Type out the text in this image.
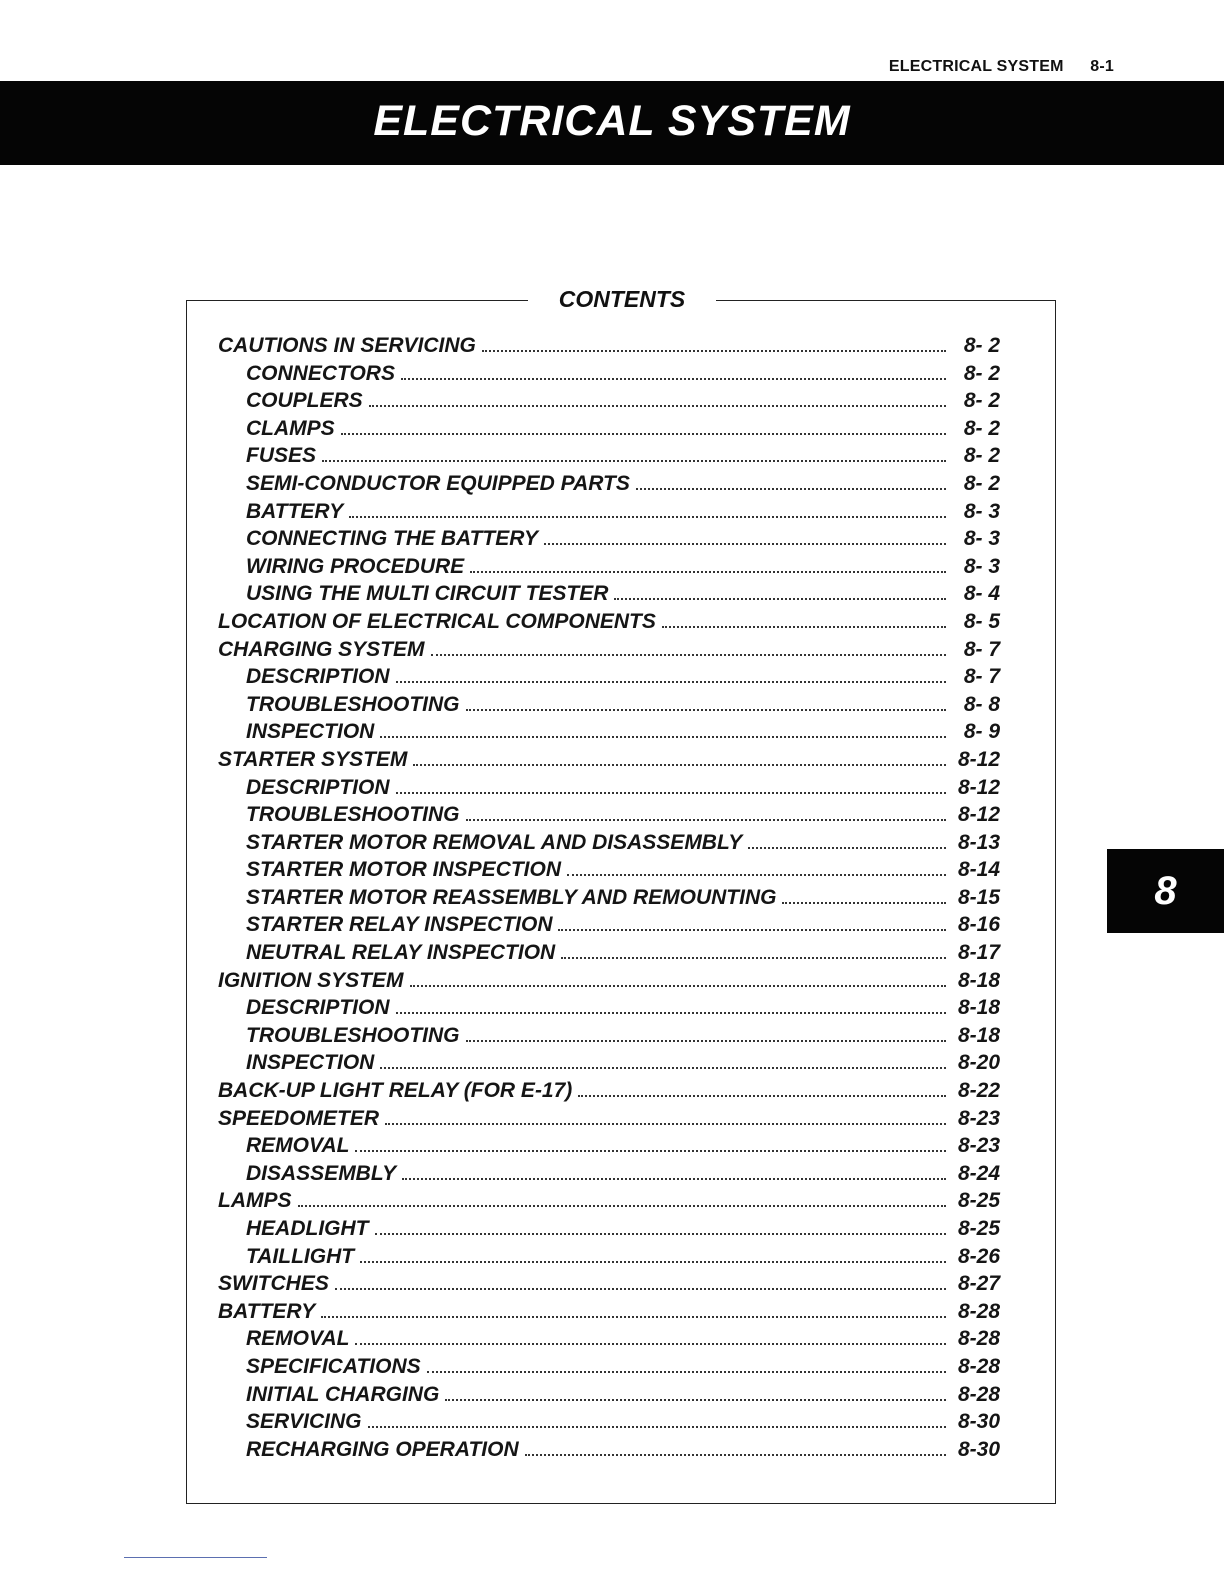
ELECTRICAL SYSTEM 8-1
ELECTRICAL SYSTEM
CONTENTS
CAUTIONS IN SERVICING	8- 2
CONNECTORS	8- 2
COUPLERS	8- 2
CLAMPS	8- 2
FUSES	8- 2
SEMI-CONDUCTOR EQUIPPED PARTS	8- 2
BATTERY	8- 3
CONNECTING THE BATTERY	8- 3
WIRING PROCEDURE	8- 3
USING THE MULTI CIRCUIT TESTER	8- 4
LOCATION OF ELECTRICAL COMPONENTS	8- 5
CHARGING SYSTEM	8- 7
DESCRIPTION	8- 7
TROUBLESHOOTING	8- 8
INSPECTION	8- 9
STARTER SYSTEM	8-12
DESCRIPTION	8-12
TROUBLESHOOTING	8-12
STARTER MOTOR REMOVAL AND DISASSEMBLY	8-13
STARTER MOTOR INSPECTION	8-14
STARTER MOTOR REASSEMBLY AND REMOUNTING	8-15
STARTER RELAY INSPECTION	8-16
NEUTRAL RELAY INSPECTION	8-17
IGNITION SYSTEM	8-18
DESCRIPTION	8-18
TROUBLESHOOTING	8-18
INSPECTION	8-20
BACK-UP LIGHT RELAY (FOR E-17)	8-22
SPEEDOMETER	8-23
REMOVAL	8-23
DISASSEMBLY	8-24
LAMPS	8-25
HEADLIGHT	8-25
TAILLIGHT	8-26
SWITCHES	8-27
BATTERY	8-28
REMOVAL	8-28
SPECIFICATIONS	8-28
INITIAL CHARGING	8-28
SERVICING	8-30
RECHARGING OPERATION	8-30
8
